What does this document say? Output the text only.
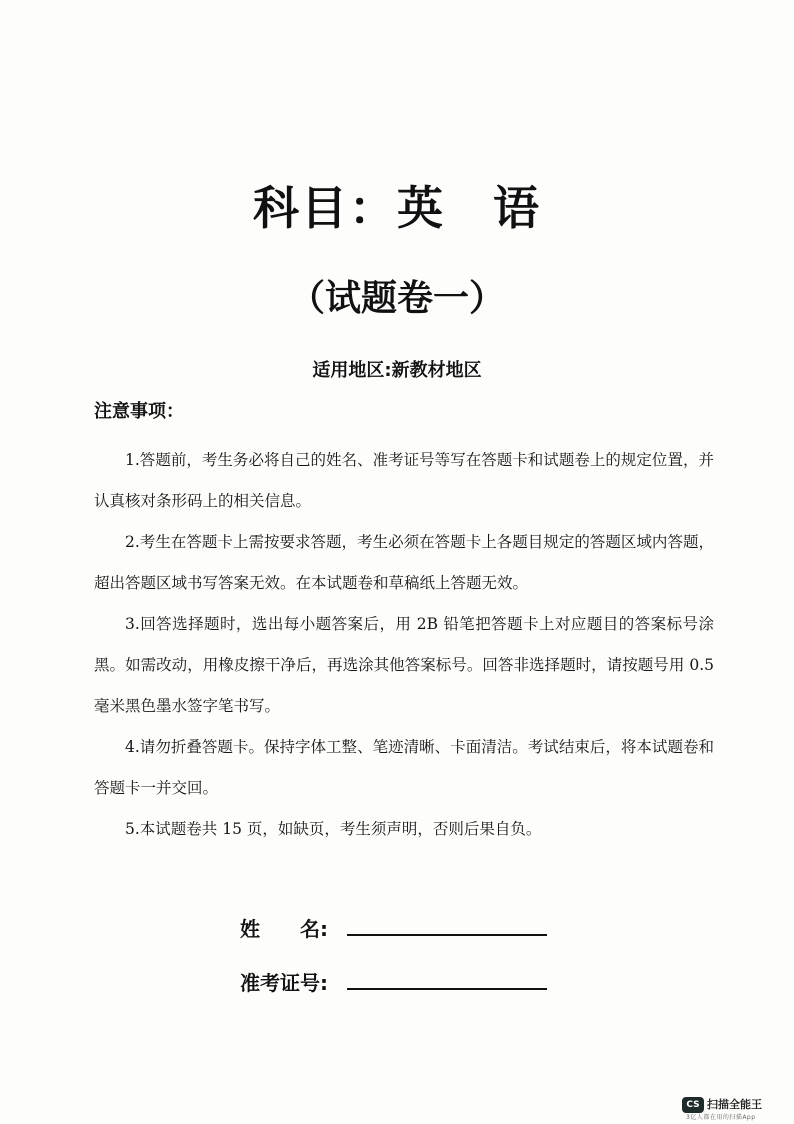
科目：英　语
（试题卷一）
适用地区:新教材地区
注意事项：

1.答题前，考生务必将自己的姓名、准考证号等写在答题卡和试题卷上的规定位置，并认真核对条形码上的相关信息。

2.考生在答题卡上需按要求答题，考生必须在答题卡上各题目规定的答题区域内答题，超出答题区域书写答案无效。在本试题卷和草稿纸上答题无效。

3.回答选择题时，选出每小题答案后，用 2B 铅笔把答题卡上对应题目的答案标号涂黑。如需改动，用橡皮擦干净后，再选涂其他答案标号。回答非选择题时，请按题号用 0.5 毫米黑色墨水签字笔书写。

4.请勿折叠答题卡。保持字体工整、笔迹清晰、卡面清洁。考试结束后，将本试题卷和答题卡一并交回。

5.本试题卷共 15 页，如缺页，考生须声明，否则后果自负。

姓　　名:
准考证号:
CS 扫描全能王
3亿人都在用的扫描App
